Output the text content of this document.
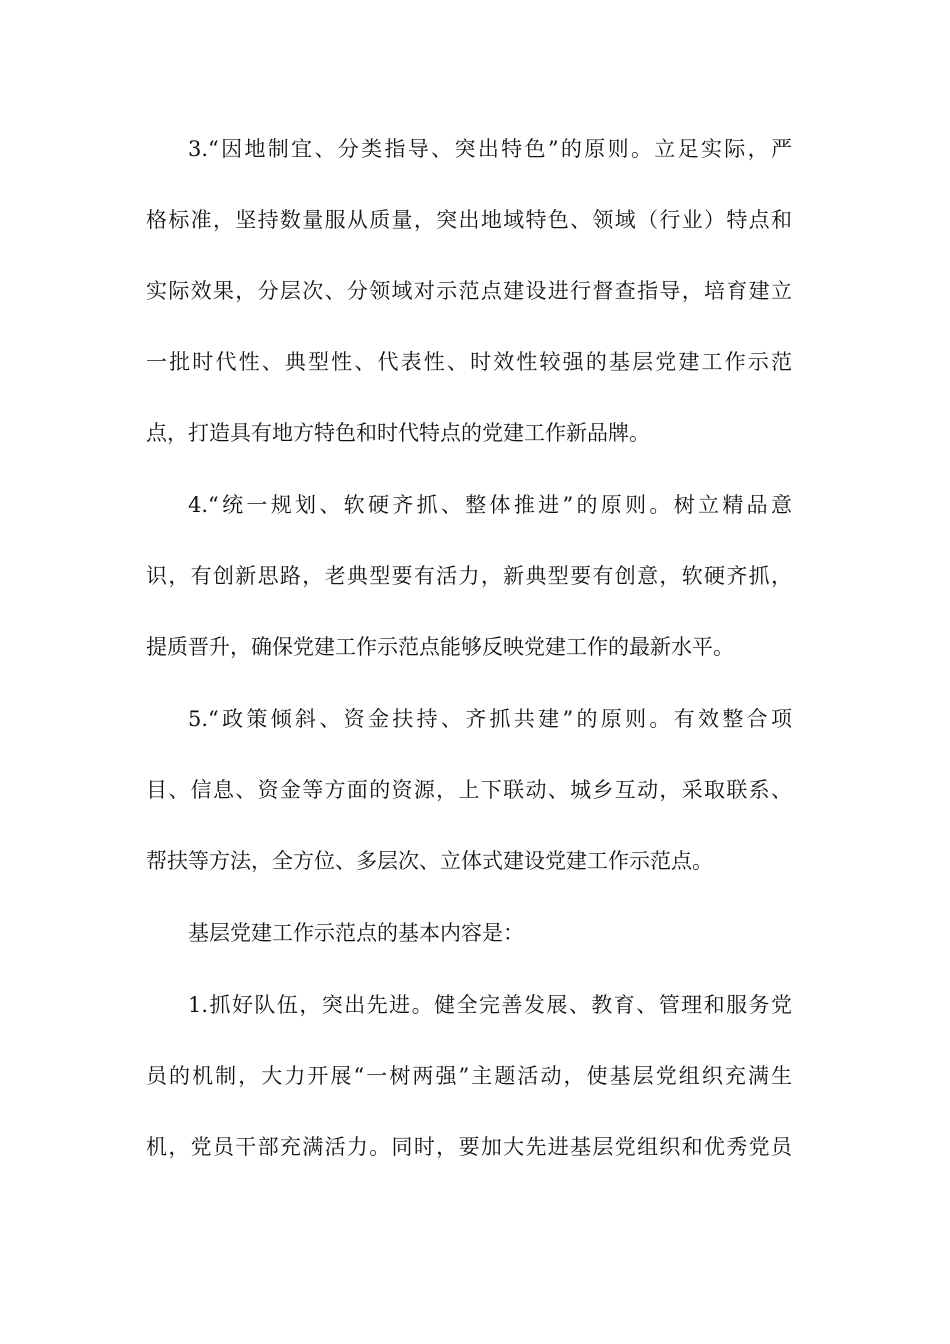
3.“因地制宜、分类指导、突出特色”的原则。立足实际，严
格标准，坚持数量服从质量，突出地域特色、领域（行业）特点和
实际效果，分层次、分领域对示范点建设进行督查指导，培育建立
一批时代性、典型性、代表性、时效性较强的基层党建工作示范
点，打造具有地方特色和时代特点的党建工作新品牌。
4.“统一规划、软硬齐抓、整体推进”的原则。树立精品意
识，有创新思路，老典型要有活力，新典型要有创意，软硬齐抓，
提质晋升，确保党建工作示范点能够反映党建工作的最新水平。
5.“政策倾斜、资金扶持、齐抓共建”的原则。有效整合项
目、信息、资金等方面的资源，上下联动、城乡互动，采取联系、
帮扶等方法，全方位、多层次、立体式建设党建工作示范点。
基层党建工作示范点的基本内容是：
1.抓好队伍，突出先进。健全完善发展、教育、管理和服务党
员的机制，大力开展“一树两强”主题活动，使基层党组织充满生
机，党员干部充满活力。同时，要加大先进基层党组织和优秀党员
